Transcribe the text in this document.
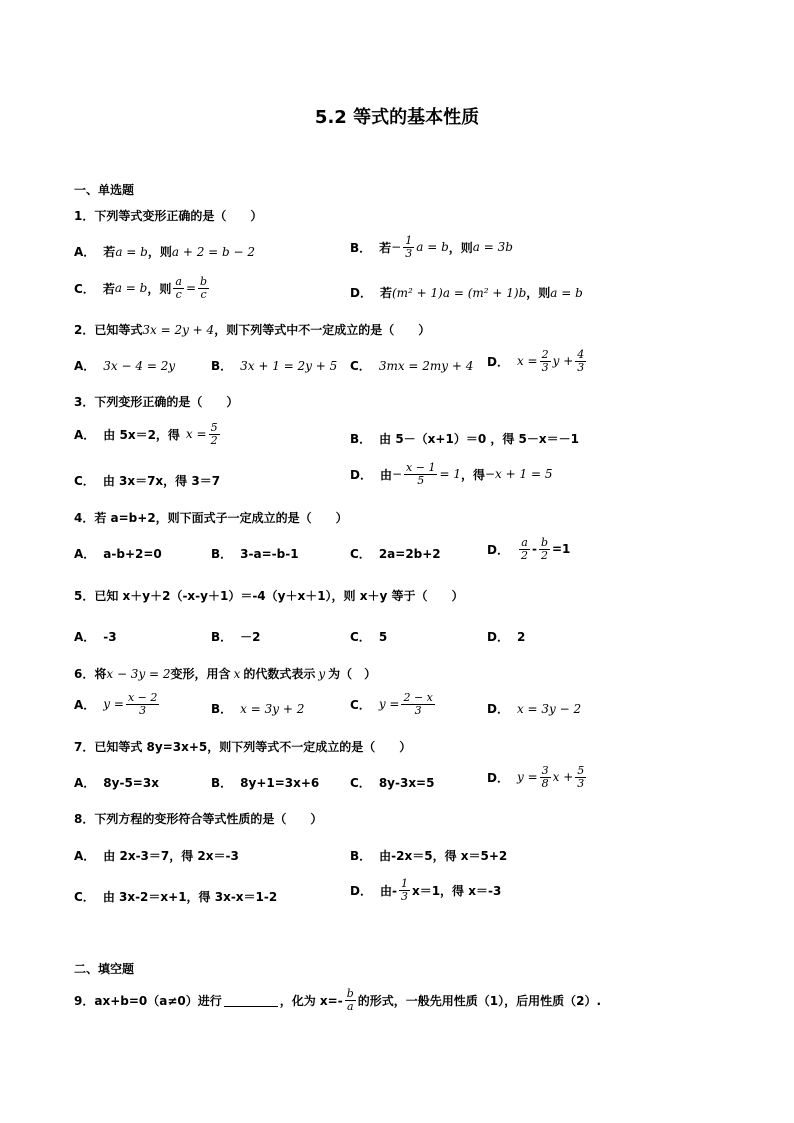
5.2 等式的基本性质
一、单选题
1．下列等式变形正确的是（　　）
A． 若 a = b ，则 a + 2 = b − 2	B． 若 − $\frac{1}{3}$ a = b ，则 a = 3b
C． 若 a = b ，则 $\frac{a}{c} = \frac{b}{c}$	D． 若 (m² + 1)a = (m² + 1)b ，则 a = b
2．已知等式 3x = 2y + 4 ，则下列等式中不一定成立的是（　　）
A． 3x − 4 = 2y	B． 3x + 1 = 2y + 5 C． 3mx = 2my + 4 D． $x = \frac{2}{3}$ $y + \frac{4}{3}$
3．下列变形正确的是（　　）
A． 由 5x＝2，得 $x = \frac{5}{2}$	B． 由 5－（x+1）＝0 ，得 5－x＝－1
C． 由 3x＝7x，得 3＝7	D． 由 − $\frac{x - 1}{5} = 1$ ，得 −x + 1 = 5
4．若 a=b+2，则下面式子一定成立的是（　　）
A． a-b+2=0	B． 3-a=-b-1	C． 2a=2b+2	D． $\frac{a}{2} - \frac{b}{2} =1$
5．已知 x＋y＋2（-x-y＋1）＝-4（y＋x＋1），则 x＋y 等于（　　）
A． -3	B． －2	C． 5	D． 2
6．将 x − 3y = 2 变形，用含 x 的代数式表示 y 为（　）
A． $y = \frac{x - 2}{3}$	B． x = 3y + 2	C． $y = \frac{2 - x}{3}$	D． x = 3y − 2
7．已知等式 8y=3x+5，则下列等式不一定成立的是（　　）
A． 8y-5=3x	B． 8y+1=3x+6	C． 8y-3x=5	D． $y = \frac{3}{8}$ $x + \frac{5}{3}$
8．下列方程的变形符合等式性质的是（　　）
A． 由 2x-3＝7，得 2x＝-3	B． 由-2x＝5，得 x＝5+2
C． 由 3x-2＝x+1，得 3x-x＝1-2	D． 由- $\frac{1}{3} x=1$，得 x＝-3
二、填空题
9．ax+b=0（a≠0）进行	，化为 $x=- \frac{b}{a}$ 的形式，一般先用性质（1），后用性质（2）.
